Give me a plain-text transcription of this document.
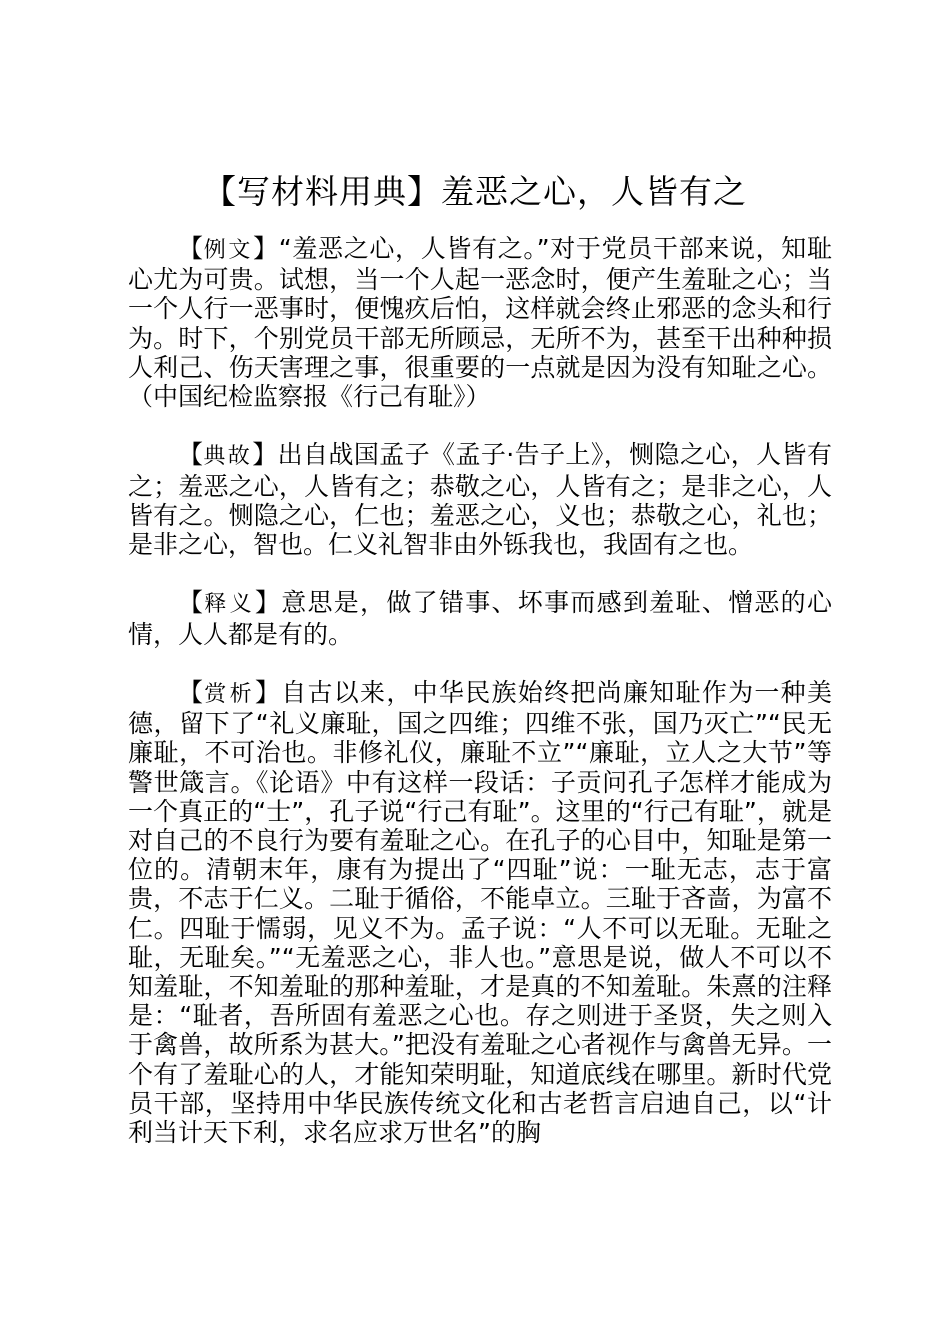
【写材料用典】羞恶之心，人皆有之

【例文】“羞恶之心，人皆有之。”对于党员干部来说，知耻心尤为可贵。试想，当一个人起一恶念时，便产生羞耻之心；当一个人行一恶事时，便愧疚后怕，这样就会终止邪恶的念头和行为。时下，个别党员干部无所顾忌，无所不为，甚至干出种种损人利己、伤天害理之事，很重要的一点就是因为没有知耻之心。（中国纪检监察报《行己有耻》）

【典故】出自战国孟子《孟子·告子上》，恻隐之心，人皆有之；羞恶之心，人皆有之；恭敬之心，人皆有之；是非之心，人皆有之。恻隐之心，仁也；羞恶之心，义也；恭敬之心，礼也；是非之心，智也。仁义礼智非由外铄我也，我固有之也。

【释义】意思是，做了错事、坏事而感到羞耻、憎恶的心情，人人都是有的。

【赏析】自古以来，中华民族始终把尚廉知耻作为一种美德，留下了“礼义廉耻，国之四维；四维不张，国乃灭亡”“民无廉耻，不可治也。非修礼仪，廉耻不立”“廉耻，立人之大节”等警世箴言。《论语》中有这样一段话：子贡问孔子怎样才能成为一个真正的“士”，孔子说“行己有耻”。这里的“行己有耻”，就是对自己的不良行为要有羞耻之心。在孔子的心目中，知耻是第一位的。清朝末年，康有为提出了“四耻”说：一耻无志，志于富贵，不志于仁义。二耻于循俗，不能卓立。三耻于吝啬，为富不仁。四耻于懦弱，见义不为。孟子说：“人不可以无耻。无耻之耻，无耻矣。”“无羞恶之心，非人也。”意思是说，做人不可以不知羞耻，不知羞耻的那种羞耻，才是真的不知羞耻。朱熹的注释是：“耻者，吾所固有羞恶之心也。存之则进于圣贤，失之则入于禽兽，故所系为甚大。”把没有羞耻之心者视作与禽兽无异。一个有了羞耻心的人，才能知荣明耻，知道底线在哪里。新时代党员干部，坚持用中华民族传统文化和古老哲言启迪自己，以“计利当计天下利，求名应求万世名”的胸
